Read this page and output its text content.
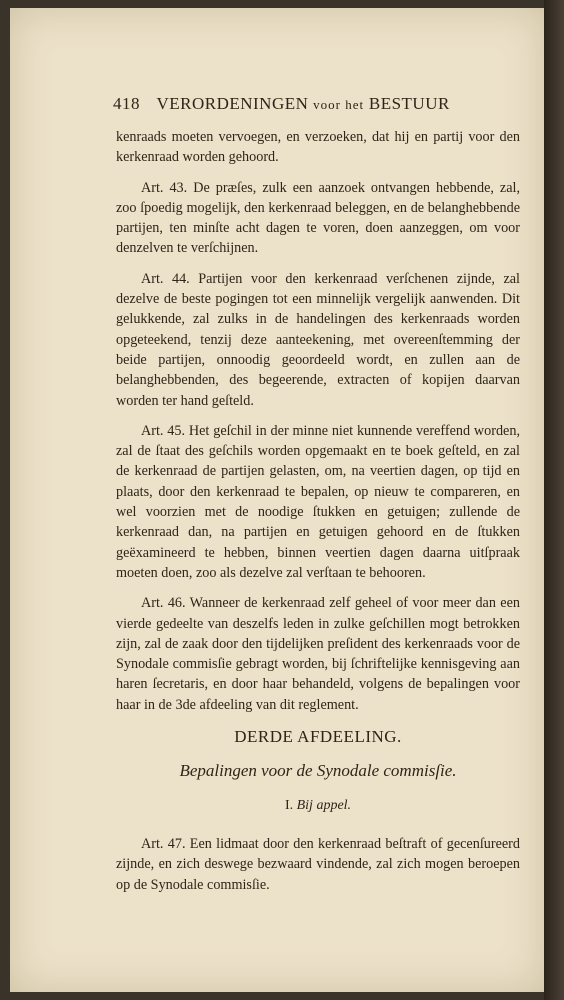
418 VERORDENINGEN voor het BESTUUR

kenraads moeten vervoegen, en verzoeken, dat hij en partij voor den kerkenraad worden gehoord.

Art. 43. De præſes, zulk een aanzoek ontvangen hebbende, zal, zoo ſpoedig mogelijk, den kerkenraad beleggen, en de belanghebbende partijen, ten minſte acht dagen te voren, doen aanzeggen, om voor denzelven te verſchijnen.

Art. 44. Partijen voor den kerkenraad verſchenen zijnde, zal dezelve de beste pogingen tot een minnelijk vergelijk aanwenden. Dit gelukkende, zal zulks in de handelingen des kerkenraads worden opgeteekend, tenzij deze aanteekening, met overeenſtemming der beide partijen, onnoodig geoordeeld wordt, en zullen aan de belanghebbenden, des begeerende, extracten of kopijen daarvan worden ter hand geſteld.

Art. 45. Het geſchil in der minne niet kunnende vereffend worden, zal de ſtaat des geſchils worden opgemaakt en te boek geſteld, en zal de kerkenraad de partijen gelasten, om, na veertien dagen, op tijd en plaats, door den kerkenraad te bepalen, op nieuw te compareren, en wel voorzien met de noodige ſtukken en getuigen; zullende de kerkenraad dan, na partijen en getuigen gehoord en de ſtukken geëxamineerd te hebben, binnen veertien dagen daarna uitſpraak moeten doen, zoo als dezelve zal verſtaan te behooren.

Art. 46. Wanneer de kerkenraad zelf geheel of voor meer dan een vierde gedeelte van deszelfs leden in zulke geſchillen mogt betrokken zijn, zal de zaak door den tijdelijken preſident des kerkenraads voor de Synodale commisſie gebragt worden, bij ſchriftelijke kennisgeving aan haren ſecretaris, en door haar behandeld, volgens de bepalingen voor haar in de 3de afdeeling van dit reglement.

DERDE AFDEELING.
Bepalingen voor de Synodale commisſie.
I. Bij appel.

Art. 47. Een lidmaat door den kerkenraad beſtraft of gecenſureerd zijnde, en zich deswege bezwaard vindende, zal zich mogen beroepen op de Synodale commisſie.
